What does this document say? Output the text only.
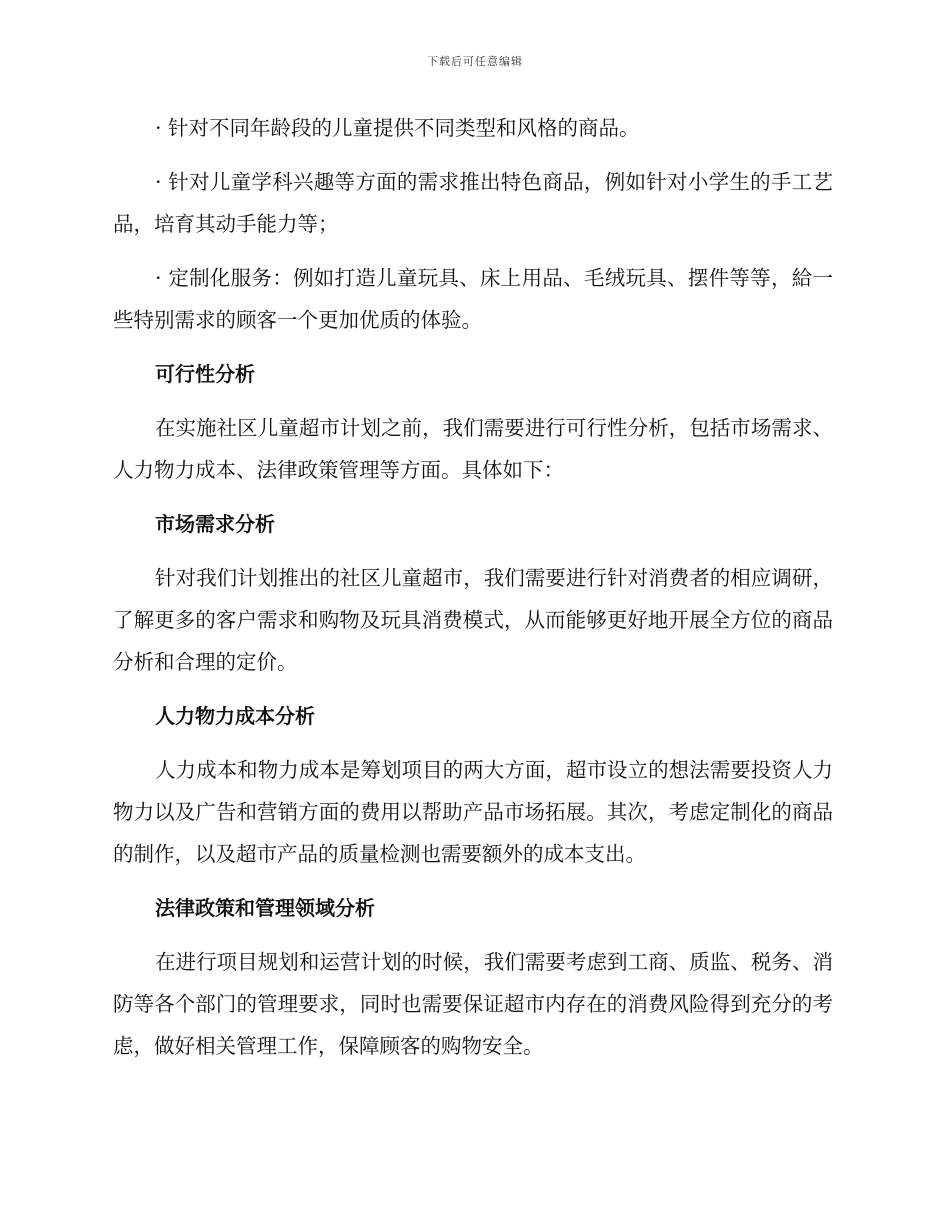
下载后可任意编辑

· 针对不同年龄段的儿童提供不同类型和风格的商品。

· 针对儿童学科兴趣等方面的需求推出特色商品，例如针对小学生的手工艺品，培育其动手能力等；

· 定制化服务：例如打造儿童玩具、床上用品、毛绒玩具、摆件等等，給一些特别需求的顾客一个更加优质的体验。

可行性分析

在实施社区儿童超市计划之前，我们需要进行可行性分析，包括市场需求、人力物力成本、法律政策管理等方面。具体如下：

市场需求分析

针对我们计划推出的社区儿童超市，我们需要进行针对消费者的相应调研，了解更多的客户需求和购物及玩具消费模式，从而能够更好地开展全方位的商品分析和合理的定价。

人力物力成本分析

人力成本和物力成本是筹划项目的两大方面，超市设立的想法需要投资人力物力以及广告和营销方面的费用以帮助产品市场拓展。其次，考虑定制化的商品的制作，以及超市产品的质量检测也需要额外的成本支出。

法律政策和管理领域分析

在进行项目规划和运营计划的时候，我们需要考虑到工商、质监、税务、消防等各个部门的管理要求，同时也需要保证超市内存在的消费风险得到充分的考虑，做好相关管理工作，保障顾客的购物安全。
